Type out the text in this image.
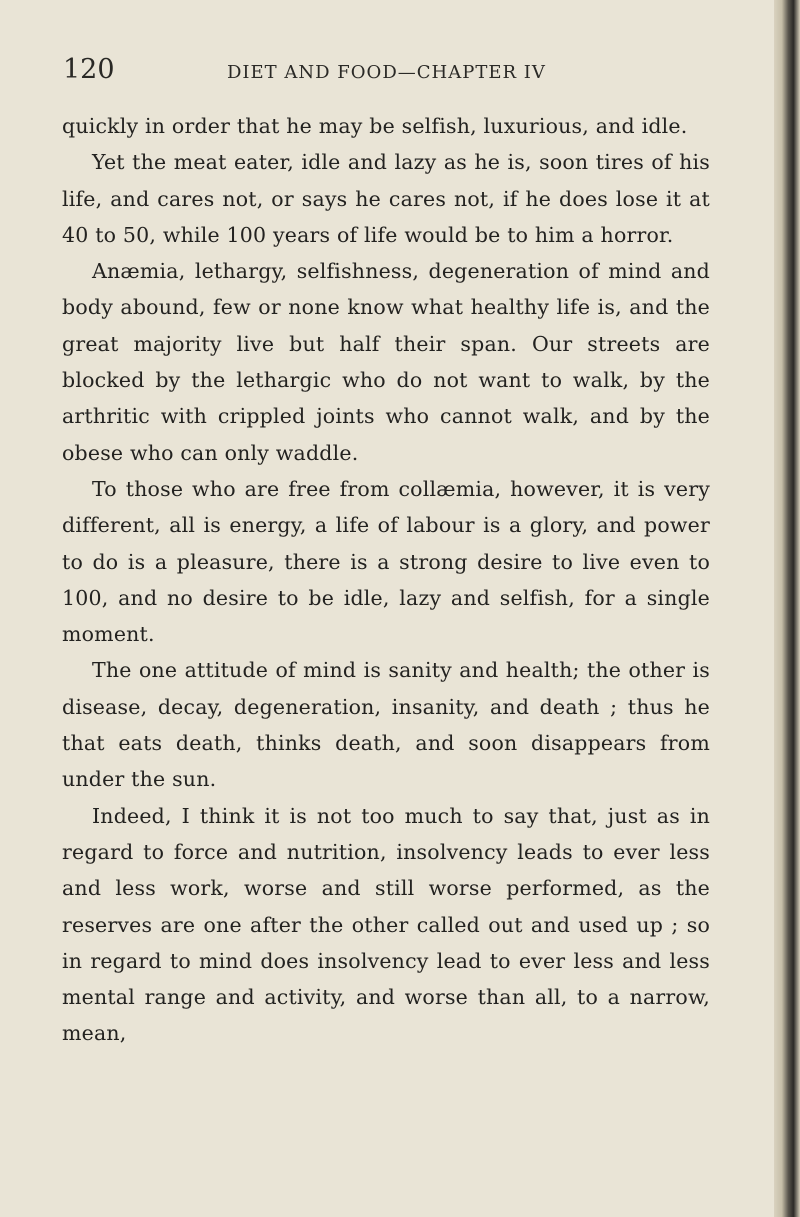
120	DIET AND FOOD—CHAPTER IV

quickly in order that he may be selfish, luxurious, and idle.

Yet the meat eater, idle and lazy as he is, soon tires of his life, and cares not, or says he cares not, if he does lose it at 40 to 50, while 100 years of life would be to him a horror.

Anæmia, lethargy, selfishness, degeneration of mind and body abound, few or none know what healthy life is, and the great majority live but half their span. Our streets are blocked by the lethargic who do not want to walk, by the arthritic with crippled joints who cannot walk, and by the obese who can only waddle.

To those who are free from collæmia, however, it is very different, all is energy, a life of labour is a glory, and power to do is a pleasure, there is a strong desire to live even to 100, and no desire to be idle, lazy and selfish, for a single moment.

The one attitude of mind is sanity and health; the other is disease, decay, degeneration, insanity, and death ; thus he that eats death, thinks death, and soon disappears from under the sun.

Indeed, I think it is not too much to say that, just as in regard to force and nutrition, insolvency leads to ever less and less work, worse and still worse performed, as the reserves are one after the other called out and used up ; so in regard to mind does insolvency lead to ever less and less mental range and activity, and worse than all, to a narrow, mean,
